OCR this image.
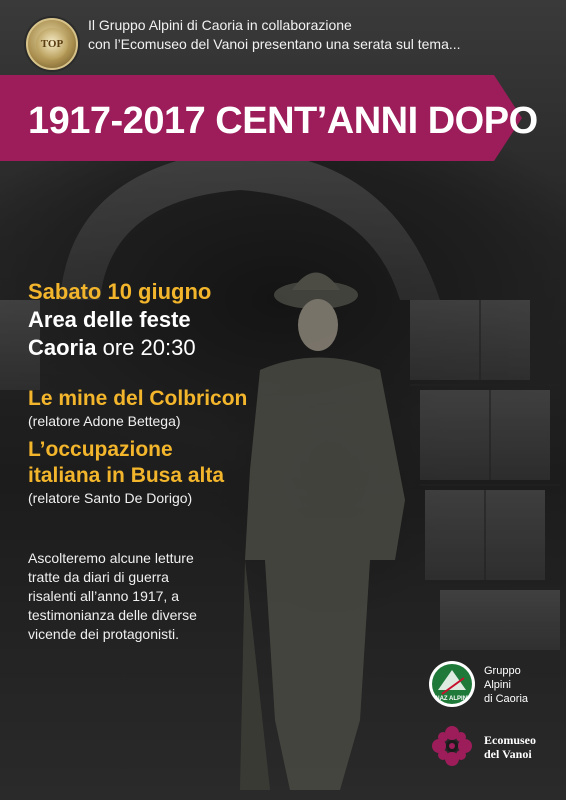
TOP
Il Gruppo Alpini di Caoria in collaborazione
con l’Ecomuseo del Vanoi presentano una serata sul tema...
1917-2017 CENT’ANNI DOPO
Sabato 10 giugno
Area delle feste
Caoria ore 20:30
Le mine del Colbricon
(relatore Adone Bettega)
L’occupazione
italiana in Busa alta
(relatore Santo De Dorigo)
Ascolteremo alcune letture
tratte da diari di guerra
risalenti all’anno 1917, a
testimonianza delle diverse
vicende dei protagonisti.
NAZ ALPINI
Gruppo
Alpini
di Caoria
Ecomuseo
del Vanoi
